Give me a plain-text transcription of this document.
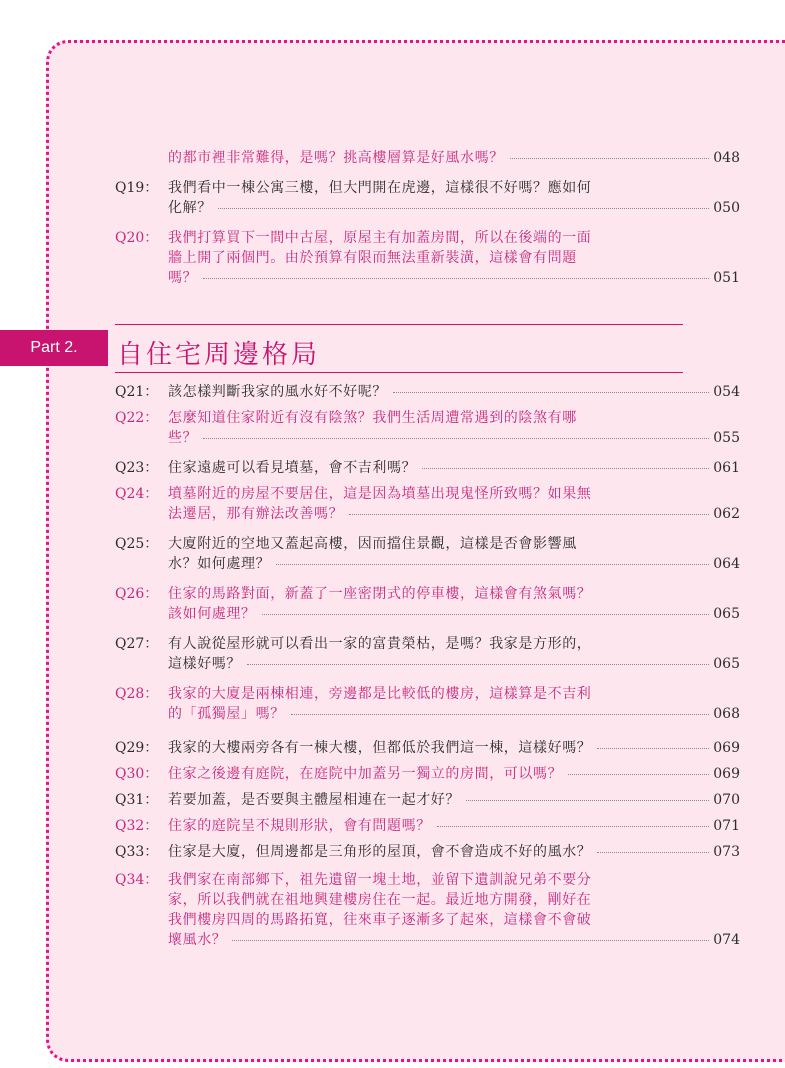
Part 2.	自住宅周邊格局
的都市裡非常難得，是嗎？挑高樓層算是好風水嗎？	048
Q19： 我們看中一棟公寓三樓，但大門開在虎邊，這樣很不好嗎？應如何
化解？	050
Q20： 我們打算買下一間中古屋，原屋主有加蓋房間，所以在後端的一面
牆上開了兩個門。由於預算有限而無法重新裝潢，這樣會有問題
嗎？	051
Q21： 該怎樣判斷我家的風水好不好呢？	054
Q22： 怎麼知道住家附近有沒有陰煞？我們生活周遭常遇到的陰煞有哪
些？	055
Q23： 住家遠處可以看見墳墓，會不吉利嗎？	061
Q24： 墳墓附近的房屋不要居住，這是因為墳墓出現鬼怪所致嗎？如果無
法遷居，那有辦法改善嗎？	062
Q25： 大廈附近的空地又蓋起高樓，因而擋住景觀，這樣是否會影響風
水？如何處理？	064
Q26： 住家的馬路對面，新蓋了一座密閉式的停車樓，這樣會有煞氣嗎？
該如何處理？	065
Q27： 有人說從屋形就可以看出一家的富貴榮枯，是嗎？我家是方形的，
這樣好嗎？	065
Q28： 我家的大廈是兩棟相連，旁邊都是比較低的樓房，這樣算是不吉利
的「孤獨屋」嗎？	068
Q29： 我家的大樓兩旁各有一棟大樓，但都低於我們這一棟，這樣好嗎？	069
Q30： 住家之後邊有庭院，在庭院中加蓋另一獨立的房間，可以嗎？	069
Q31： 若要加蓋，是否要與主體屋相連在一起才好？	070
Q32： 住家的庭院呈不規則形狀，會有問題嗎？	071
Q33： 住家是大廈，但周邊都是三角形的屋頂，會不會造成不好的風水？	073
Q34： 我們家在南部鄉下，祖先遺留一塊土地，並留下遺訓說兄弟不要分
家，所以我們就在祖地興建樓房住在一起。最近地方開發，剛好在
我們樓房四周的馬路拓寬，往來車子逐漸多了起來，這樣會不會破
壞風水？	074
